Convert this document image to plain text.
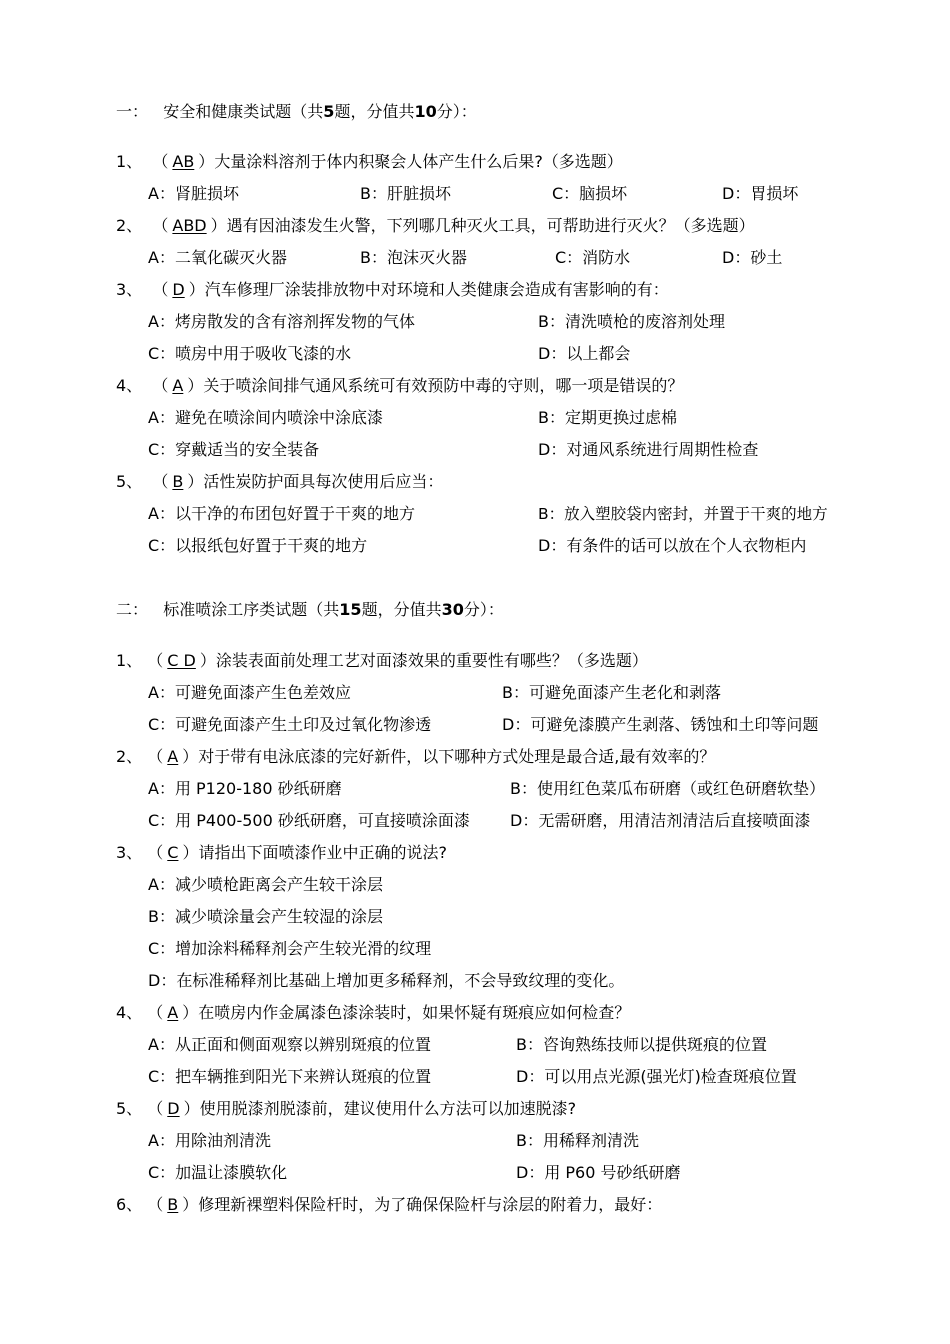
一： 安全和健康类试题（共5题，分值共10分）：
1、  （ AB ）大量涂料溶剂于体内积聚会人体产生什么后果?（多选题）
A：肾脏损坏	B：肝脏损坏	C：脑损坏	D：胃损坏
2、  （ ABD ）遇有因油漆发生火警，下列哪几种灭火工具，可帮助进行灭火？（多选题）
A：二氧化碳灭火器	B：泡沫灭火器	C：消防水	D：砂土
3、  （ D ）汽车修理厂涂装排放物中对环境和人类健康会造成有害影响的有：
A：烤房散发的含有溶剂挥发物的气体	B：清洗喷枪的废溶剂处理
C：喷房中用于吸收飞漆的水	D：以上都会
4、  （ A ）关于喷涂间排气通风系统可有效预防中毒的守则，哪一项是错误的？
A：避免在喷涂间内喷涂中涂底漆	B：定期更换过虑棉
C：穿戴适当的安全装备	D：对通风系统进行周期性检查
5、  （ B ）活性炭防护面具每次使用后应当：
A：以干净的布团包好置于干爽的地方	B：放入塑胶袋内密封，并置于干爽的地方
C：以报纸包好置于干爽的地方	D：有条件的话可以放在个人衣物柜内
二： 标准喷涂工序类试题（共15题，分值共30分）：
1、 （ C D ）涂装表面前处理工艺对面漆效果的重要性有哪些？（多选题）
A：可避免面漆产生色差效应	B：可避免面漆产生老化和剥落
C：可避免面漆产生土印及过氧化物渗透	D：可避免漆膜产生剥落、锈蚀和土印等问题
2、 （ A ）对于带有电泳底漆的完好新件，以下哪种方式处理是最合适,最有效率的？
A：用 P120-180 砂纸研磨	B：使用红色菜瓜布研磨（或红色研磨软垫）
C：用 P400-500 砂纸研磨，可直接喷涂面漆	D：无需研磨，用清洁剂清洁后直接喷面漆
3、 （ C ）请指出下面喷漆作业中正确的说法?
A：减少喷枪距离会产生较干涂层
B：减少喷涂量会产生较湿的涂层
C：增加涂料稀释剂会产生较光滑的纹理
D：在标准稀释剂比基础上增加更多稀释剂，不会导致纹理的变化。
4、 （ A ）在喷房内作金属漆色漆涂装时，如果怀疑有斑痕应如何检查？
A：从正面和侧面观察以辨别斑痕的位置	B：咨询熟练技师以提供斑痕的位置
C：把车辆推到阳光下来辨认斑痕的位置	D：可以用点光源(强光灯)检查斑痕位置
5、 （ D ）使用脱漆剂脱漆前，建议使用什么方法可以加速脱漆?
A：用除油剂清洗	B：用稀释剂清洗
C：加温让漆膜软化	D：用 P60 号砂纸研磨
6、 （ B ）修理新裸塑料保险杆时，为了确保保险杆与涂层的附着力，最好：
